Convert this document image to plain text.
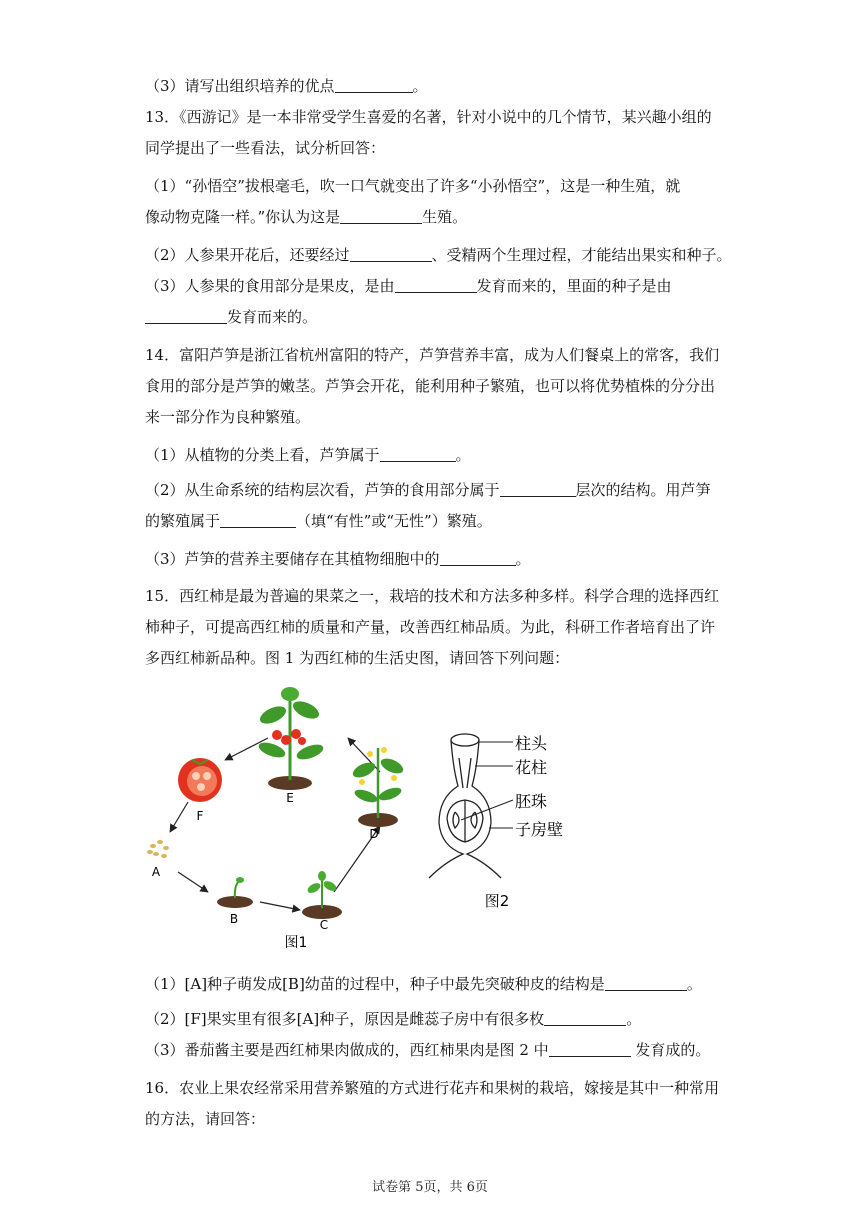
（3）请写出组织培养的优点	。
13．《西游记》是一本非常受学生喜爱的名著，针对小说中的几个情节，某兴趣小组的
同学提出了一些看法，试分析回答：
（1）“孙悟空”拔根毫毛，吹一口气就变出了许多“小孙悟空”，这是一种生殖，就
像动物克隆一样。”你认为这是	生殖。
（2）人参果开花后，还要经过	、受精两个生理过程，才能结出果实和种子。
（3）人参果的食用部分是果皮，是由	发育而来的，里面的种子是由
发育而来的。
14．富阳芦笋是浙江省杭州富阳的特产，芦笋营养丰富，成为人们餐桌上的常客，我们
食用的部分是芦笋的嫩茎。芦笋会开花，能利用种子繁殖，也可以将优势植株的分分出
来一部分作为良种繁殖。
（1）从植物的分类上看，芦笋属于	。
（2）从生命系统的结构层次看，芦笋的食用部分属于	层次的结构。用芦笋
的繁殖属于	（填“有性”或“无性”）繁殖。
（3）芦笋的营养主要储存在其植物细胞中的	。
15．西红柿是最为普遍的果菜之一，栽培的技术和方法多种多样。科学合理的选择西红
柿种子，可提高西红柿的质量和产量，改善西红柿品质。为此，科研工作者培育出了许
多西红柿新品种。图 1 为西红柿的生活史图，请回答下列问题：
E
F
A
B	C
D
图1
柱头
花柱
胚珠
子房壁
图2
（1）[A]种子萌发成[B]幼苗的过程中，种子中最先突破种皮的结构是	。
（2）[F]果实里有很多[A]种子，原因是雌蕊子房中有很多枚	。
（3）番茄酱主要是西红柿果肉做成的，西红柿果肉是图 2 中	发育成的。
16．农业上果农经常采用营养繁殖的方式进行花卉和果树的栽培，嫁接是其中一种常用
的方法，请回答：
试卷第 5页，共 6页
